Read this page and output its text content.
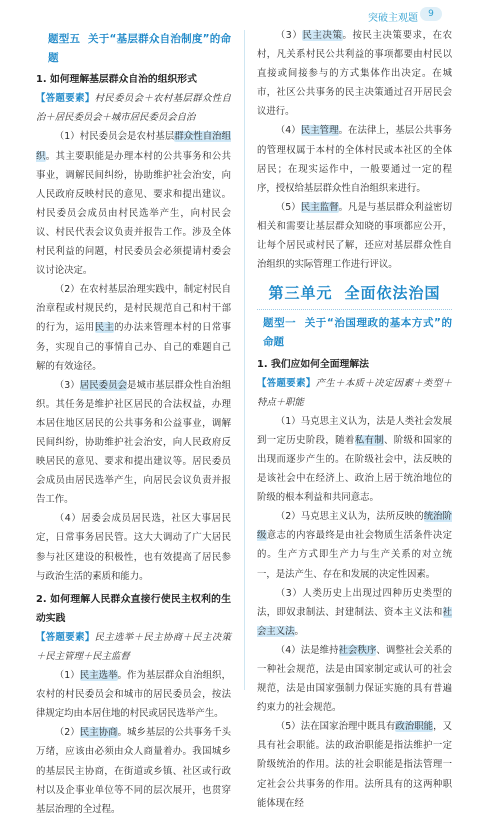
突破主观题	9
题型五 关于“基层群众自治制度”的命题
1. 如何理解基层群众自治的组织形式
【答题要素】村民委员会＋农村基层群众性自治＋居民委员会＋城市居民委员会自治

（1）村民委员会是农村基层群众性自治组织。其主要职能是办理本村的公共事务和公共事业，调解民间纠纷，协助维护社会治安，向人民政府反映村民的意见、要求和提出建议。村民委员会成员由村民选举产生，向村民会议、村民代表会议负责并报告工作。涉及全体村民利益的问题，村民委员会必须提请村委会议讨论决定。

（2）在农村基层治理实践中，制定村民自治章程或村规民约，是村民规范自己和村干部的行为，运用民主的办法来管理本村的日常事务，实现自己的事情自己办、自己的难题自己解的有效途径。

（3）居民委员会是城市基层群众性自治组织。其任务是维护社区居民的合法权益，办理本居住地区居民的公共事务和公益事业，调解民间纠纷，协助维护社会治安，向人民政府反映居民的意见、要求和提出建议等。居民委员会成员由居民选举产生，向居民会议负责并报告工作。

（4）居委会成员居民选，社区大事居民定，日常事务居民管。这大大调动了广大居民参与社区建设的积极性，也有效提高了居民参与政治生活的素质和能力。

2. 如何理解人民群众直接行使民主权利的生动实践
【答题要素】民主选举＋民主协商＋民主决策＋民主管理＋民主监督

（1）民主选举。作为基层群众自治组织，农村的村民委员会和城市的居民委员会，按法律规定均由本居住地的村民或居民选举产生。

（2）民主协商。城乡基层的公共事务千头万绪，应该由必须由众人商量着办。我国城乡的基层民主协商，在街道或乡镇、社区或行政村以及企事业单位等不同的层次展开，也贯穿基层治理的全过程。

（3）民主决策。按民主决策要求，在农村，凡关系村民公共利益的事项都要由村民以直接或间接参与的方式集体作出决定。在城市，社区公共事务的民主决策通过召开居民会议进行。

（4）民主管理。在法律上，基层公共事务的管理权属于本村的全体村民或本社区的全体居民；在现实运作中，一般要通过一定的程序，授权给基层群众性自治组织来进行。

（5）民主监督。凡是与基层群众利益密切相关和需要让基层群众知晓的事项都应公开，让每个居民或村民了解，还应对基层群众性自治组织的实际管理工作进行评议。

第三单元 全面依法治国
题型一 关于“治国理政的基本方式”的命题
1. 我们应如何全面理解法
【答题要素】产生＋本质＋决定因素＋类型＋特点＋职能

（1）马克思主义认为，法是人类社会发展到一定历史阶段，随着私有制、阶级和国家的出现而逐步产生的。在阶级社会中，法反映的是该社会中在经济上、政治上居于统治地位的阶级的根本利益和共同意志。

（2）马克思主义认为，法所反映的统治阶级意志的内容最终是由社会物质生活条件决定的。生产方式即生产力与生产关系的对立统一，是法产生、存在和发展的决定性因素。

（3）人类历史上出现过四种历史类型的法，即奴隶制法、封建制法、资本主义法和社会主义法。

（4）法是维持社会秩序、调整社会关系的一种社会规范，法是由国家制定或认可的社会规范，法是由国家强制力保证实施的具有普遍约束力的社会规范。

（5）法在国家治理中既具有政治职能，又具有社会职能。法的政治职能是指法维护一定阶级统治的作用。法的社会职能是指法管理一定社会公共事务的作用。法所具有的这两种职能体现在经
